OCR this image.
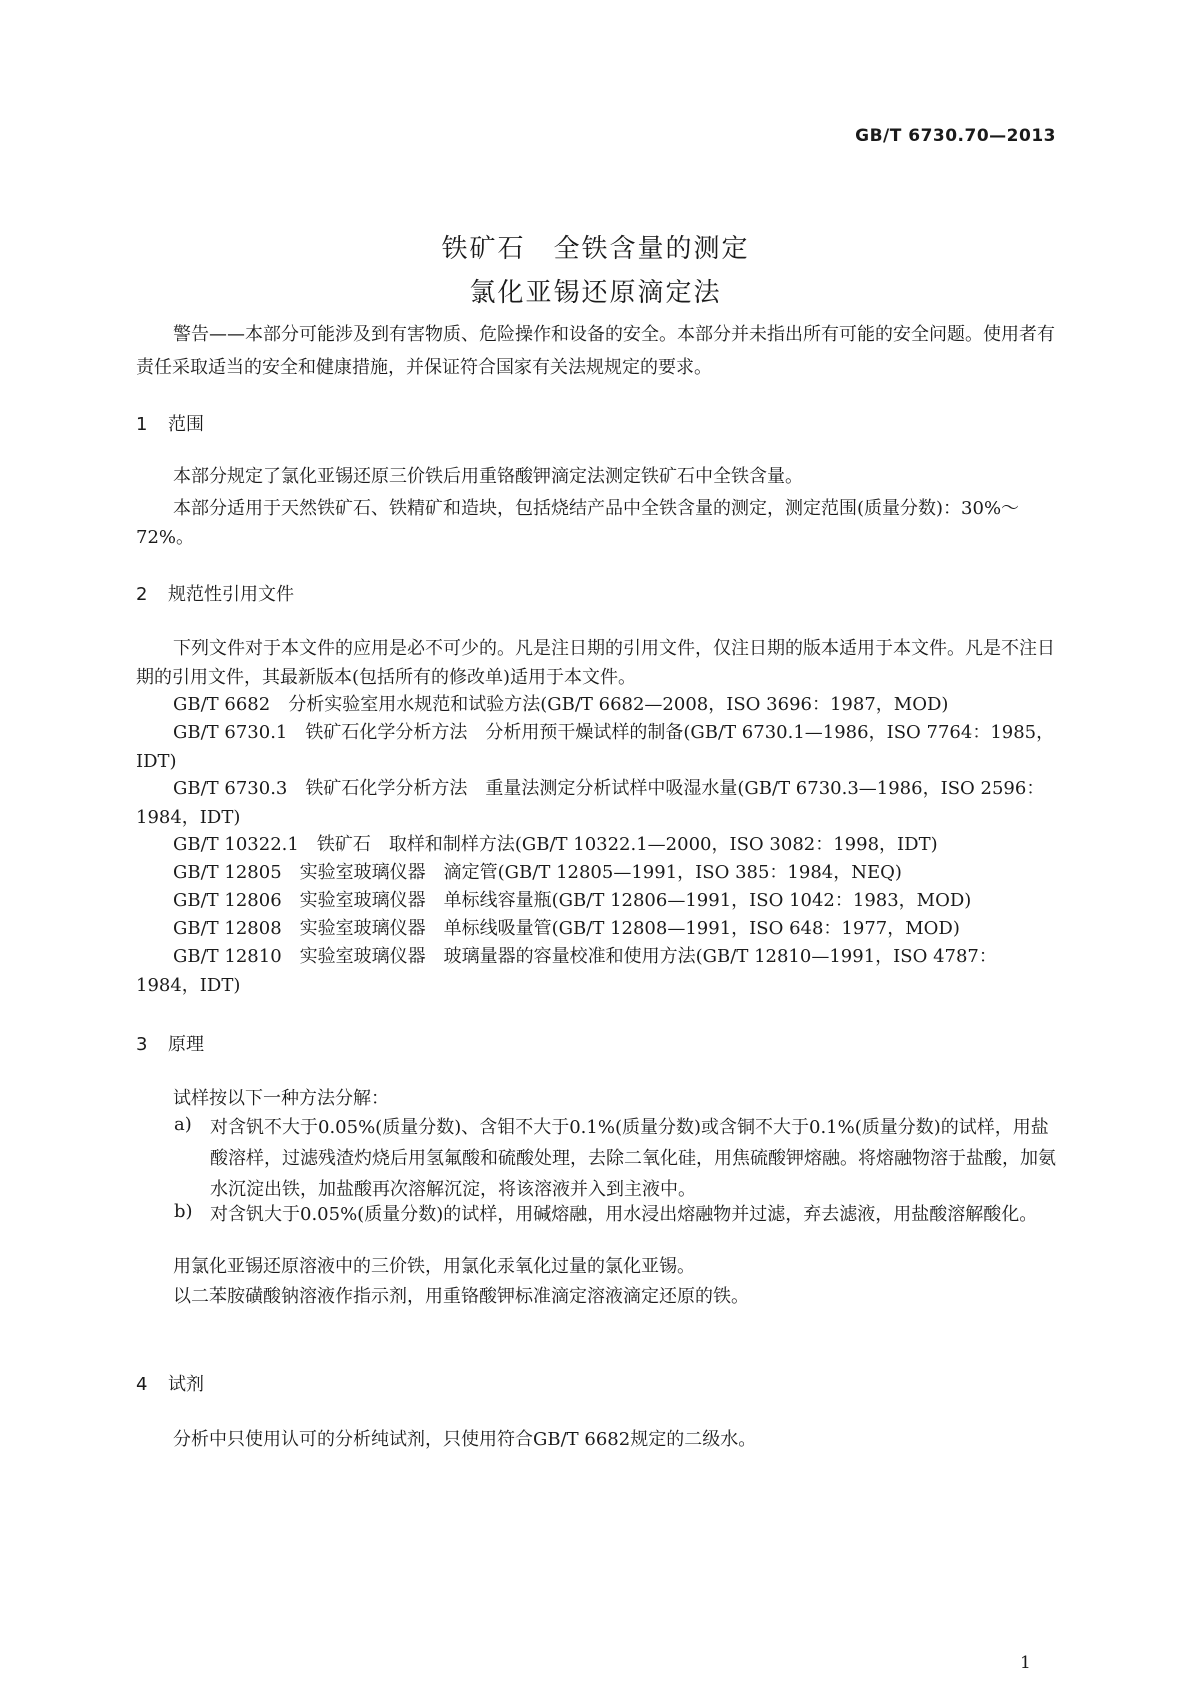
GB/T 6730.70—2013
铁矿石　全铁含量的测定
氯化亚锡还原滴定法
警告——本部分可能涉及到有害物质、危险操作和设备的安全。本部分并未指出所有可能的安全问题。使用者有责任采取适当的安全和健康措施，并保证符合国家有关法规规定的要求。
1 范围
本部分规定了氯化亚锡还原三价铁后用重铬酸钾滴定法测定铁矿石中全铁含量。
本部分适用于天然铁矿石、铁精矿和造块，包括烧结产品中全铁含量的测定，测定范围(质量分数)：30%～72%。
2 规范性引用文件
下列文件对于本文件的应用是必不可少的。凡是注日期的引用文件，仅注日期的版本适用于本文件。凡是不注日期的引用文件，其最新版本(包括所有的修改单)适用于本文件。
GB/T 6682　分析实验室用水规范和试验方法(GB/T 6682—2008，ISO 3696：1987，MOD)
GB/T 6730.1　铁矿石化学分析方法　分析用预干燥试样的制备(GB/T 6730.1—1986，ISO 7764：1985，IDT)
GB/T 6730.3　铁矿石化学分析方法　重量法测定分析试样中吸湿水量(GB/T 6730.3—1986，ISO 2596：1984，IDT)
GB/T 10322.1　铁矿石　取样和制样方法(GB/T 10322.1—2000，ISO 3082：1998，IDT)
GB/T 12805　实验室玻璃仪器　滴定管(GB/T 12805—1991，ISO 385：1984，NEQ)
GB/T 12806　实验室玻璃仪器　单标线容量瓶(GB/T 12806—1991，ISO 1042：1983，MOD)
GB/T 12808　实验室玻璃仪器　单标线吸量管(GB/T 12808—1991，ISO 648：1977，MOD)
GB/T 12810　实验室玻璃仪器　玻璃量器的容量校准和使用方法(GB/T 12810—1991，ISO 4787：1984，IDT)
3 原理
试样按以下一种方法分解：
a) 对含钒不大于0.05%(质量分数)、含钼不大于0.1%(质量分数)或含铜不大于0.1%(质量分数)的试样，用盐酸溶样，过滤残渣灼烧后用氢氟酸和硫酸处理，去除二氧化硅，用焦硫酸钾熔融。将熔融物溶于盐酸，加氨水沉淀出铁，加盐酸再次溶解沉淀，将该溶液并入到主液中。
b) 对含钒大于0.05%(质量分数)的试样，用碱熔融，用水浸出熔融物并过滤，弃去滤液，用盐酸溶解酸化。
用氯化亚锡还原溶液中的三价铁，用氯化汞氧化过量的氯化亚锡。
以二苯胺磺酸钠溶液作指示剂，用重铬酸钾标准滴定溶液滴定还原的铁。
4 试剂
分析中只使用认可的分析纯试剂，只使用符合GB/T 6682规定的二级水。
1
